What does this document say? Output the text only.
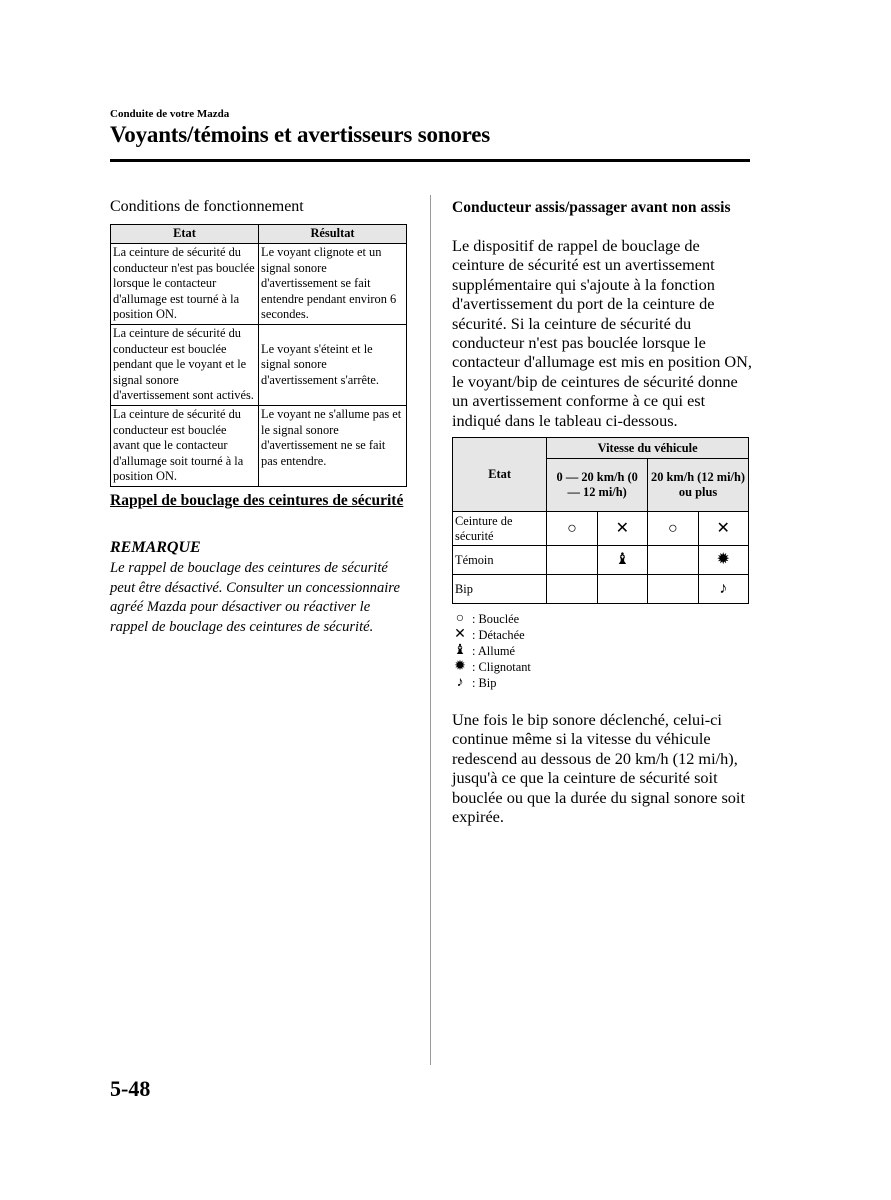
Conduite de votre Mazda
Voyants/témoins et avertisseurs sonores
Conditions de fonctionnement
Etat	Résultat
La ceinture de sécurité du conducteur n'est pas bouclée lorsque le contacteur d'allumage est tourné à la position ON.	Le voyant clignote et un signal sonore d'avertissement se fait entendre pendant environ 6 secondes.
La ceinture de sécurité du conducteur est bouclée pendant que le voyant et le signal sonore d'avertissement sont activés.	Le voyant s'éteint et le signal sonore d'avertissement s'arrête.
La ceinture de sécurité du conducteur est bouclée avant que le contacteur d'allumage soit tourné à la position ON.	Le voyant ne s'allume pas et le signal sonore d'avertissement ne se fait pas entendre.
Rappel de bouclage des ceintures de sécurité
REMARQUE
Le rappel de bouclage des ceintures de sécurité peut être désactivé. Consulter un concessionnaire agréé Mazda pour désactiver ou réactiver le rappel de bouclage des ceintures de sécurité.
Conducteur assis/passager avant non assis
Le dispositif de rappel de bouclage de ceinture de sécurité est un avertissement supplémentaire qui s'ajoute à la fonction d'avertissement du port de la ceinture de sécurité. Si la ceinture de sécurité du conducteur n'est pas bouclée lorsque le contacteur d'allumage est mis en position ON, le voyant/bip de ceintures de sécurité donne un avertissement conforme à ce qui est indiqué dans le tableau ci-dessous.
Etat	Vitesse du véhicule			
	0 — 20 km/h (0 — 12 mi/h)		20 km/h (12 mi/h) ou plus	
Ceinture de sécurité	○	✕	○	✕
Témoin		♝		✹
Bip				♪
○ : Bouclée
✕ : Détachée
♝ : Allumé
✹ : Clignotant
♪ : Bip
Une fois le bip sonore déclenché, celui-ci continue même si la vitesse du véhicule redescend au dessous de 20 km/h (12 mi/h), jusqu'à ce que la ceinture de sécurité soit bouclée ou que la durée du signal sonore soit expirée.
5-48
